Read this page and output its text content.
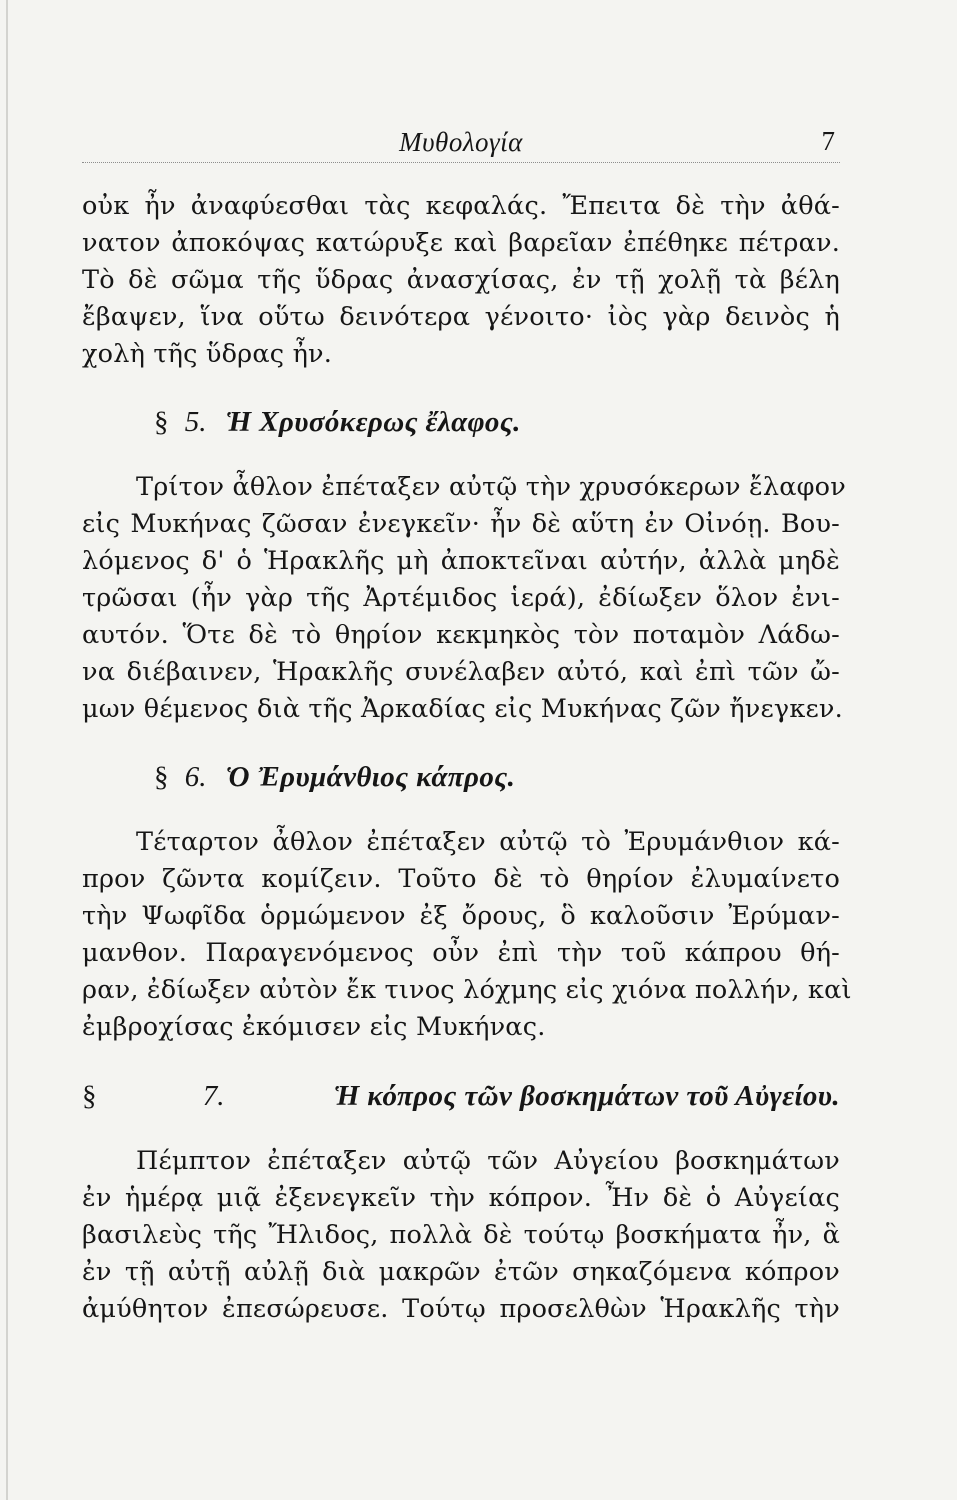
Μυθολογία	7
οὐκ ἦν ἀναφύεσθαι τὰς κεφαλάς. Ἔπειτα δὲ τὴν ἀθά-
νατον ἀποκόψας κατώρυξε καὶ βαρεῖαν ἐπέθηκε πέτραν.
Τὸ δὲ σῶμα τῆς ὕδρας ἀνασχίσας, ἐν τῇ χολῇ τὰ βέλη
ἔβαψεν, ἵνα οὕτω δεινότερα γένοιτο· ἰὸς γὰρ δεινὸς ἡ
χολὴ τῆς ὕδρας ἦν.
§ 5. Ἡ Χρυσόκερως ἔλαφος.
Τρίτον ἆθλον ἐπέταξεν αὐτῷ τὴν χρυσόκερων ἔλαφον
εἰς Μυκήνας ζῶσαν ἐνεγκεῖν· ἦν δὲ αὕτη ἐν Οἰνόῃ. Βου-
λόμενος δ' ὁ Ἡρακλῆς μὴ ἀποκτεῖναι αὐτήν, ἀλλὰ μηδὲ
τρῶσαι (ἦν γὰρ τῆς Ἀρτέμιδος ἱερά), ἐδίωξεν ὅλον ἐνι-
αυτόν. Ὅτε δὲ τὸ θηρίον κεκμηκὸς τὸν ποταμὸν Λάδω-
να διέβαινεν, Ἡρακλῆς συνέλαβεν αὐτό, καὶ ἐπὶ τῶν ὤ-
μων θέμενος διὰ τῆς Ἀρκαδίας εἰς Μυκήνας ζῶν ἤνεγκεν.
§ 6. Ὁ Ἐρυμάνθιος κάπρος.
Τέταρτον ἆθλον ἐπέταξεν αὐτῷ τὸ Ἐρυμάνθιον κά-
προν ζῶντα κομίζειν. Τοῦτο δὲ τὸ θηρίον ἐλυμαίνετο
τὴν Ψωφῖδα ὁρμώμενον ἐξ ὄρους, ὃ καλοῦσιν Ἐρύμαν-
μανθον. Παραγενόμενος οὖν ἐπὶ τὴν τοῦ κάπρου θή-
ραν, ἐδίωξεν αὐτὸν ἔκ τινος λόχμης εἰς χιόνα πολλήν, καὶ
ἐμβροχίσας ἐκόμισεν εἰς Μυκήνας.
§	7.	Ἡ κόπρος τῶν βοσκημάτων τοῦ Αὐγείου.
Πέμπτον ἐπέταξεν αὐτῷ τῶν Αὐγείου βοσκημάτων
ἐν ἡμέρᾳ μιᾷ ἐξενεγκεῖν τὴν κόπρον. Ἦν δὲ ὁ Αὐγείας
βασιλεὺς τῆς Ἤλιδος, πολλὰ δὲ τούτῳ βοσκήματα ἦν, ἃ
ἐν τῇ αὐτῇ αὐλῇ διὰ μακρῶν ἐτῶν σηκαζόμενα κόπρον
ἀμύθητον ἐπεσώρευσε. Τούτῳ προσελθὼν Ἡρακλῆς τὴν
